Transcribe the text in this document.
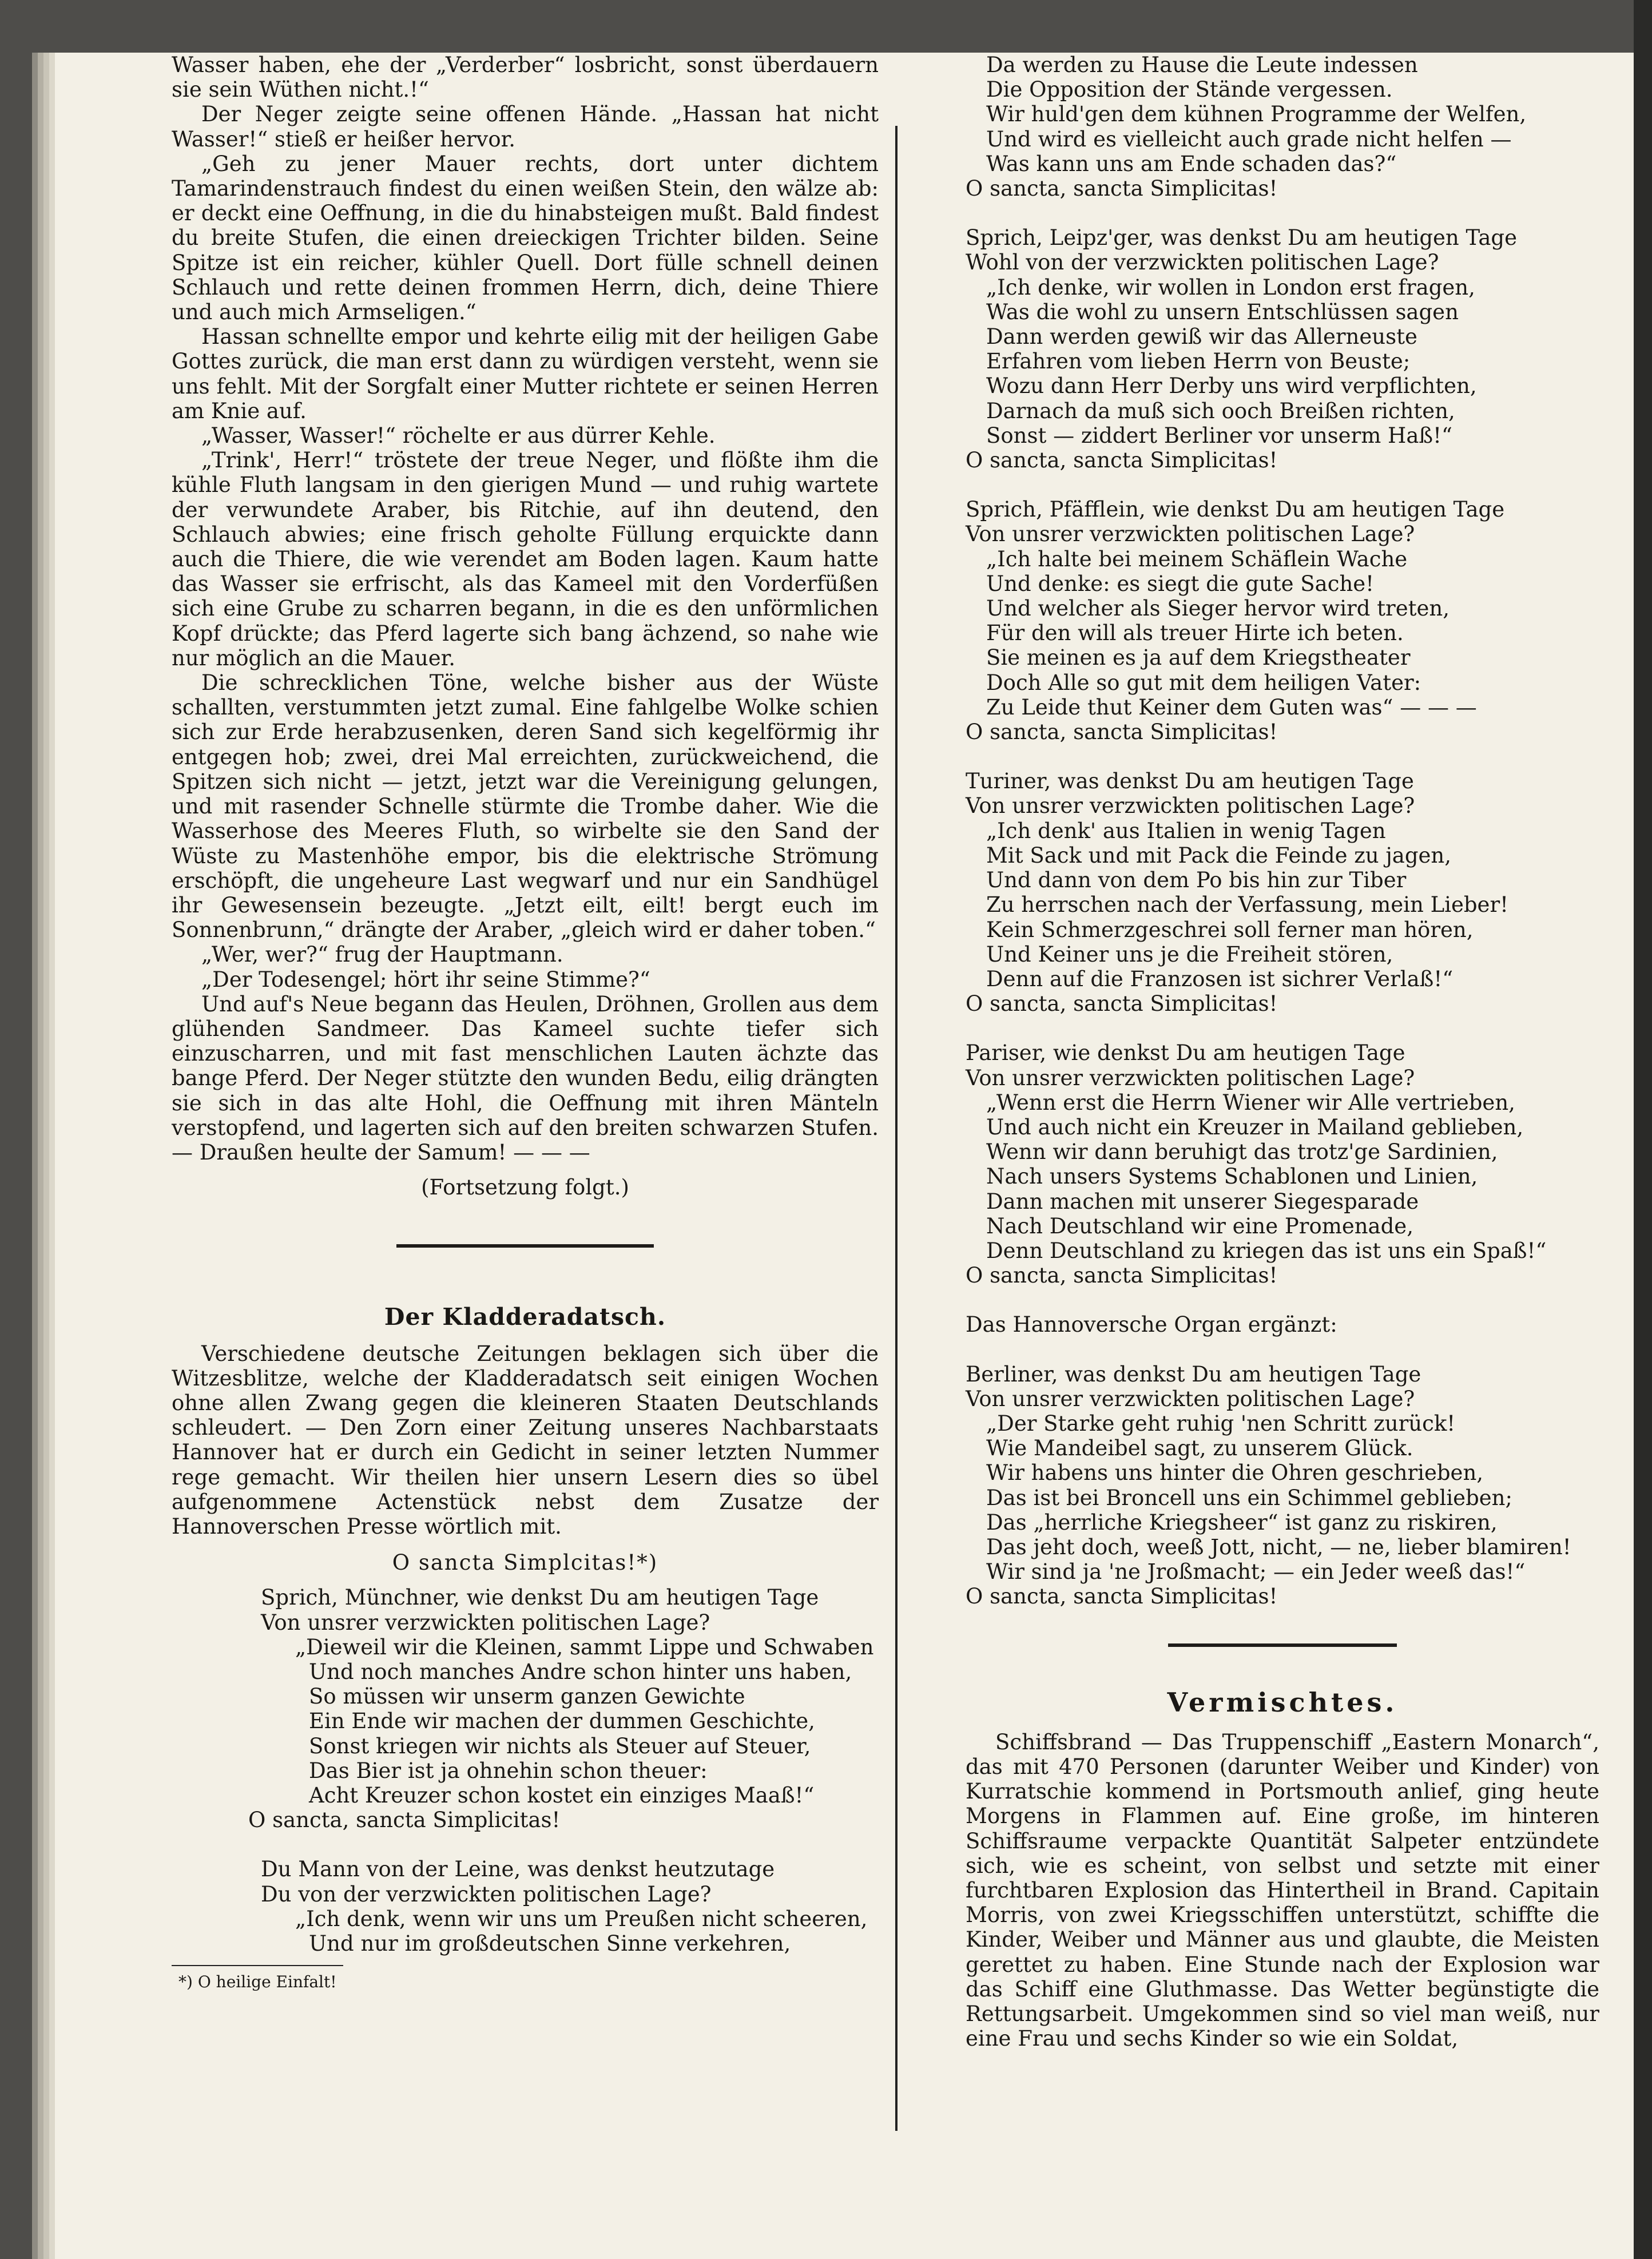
Wasser haben, ehe der „Verderber“ losbricht, sonst überdauern sie sein Wüthen nicht.!“

Der Neger zeigte seine offenen Hände. „Hassan hat nicht Wasser!“ stieß er heißer hervor.

„Geh zu jener Mauer rechts, dort unter dichtem Tamarindenstrauch findest du einen weißen Stein, den wälze ab: er deckt eine Oeffnung, in die du hinabsteigen mußt. Bald findest du breite Stufen, die einen dreieckigen Trichter bilden. Seine Spitze ist ein reicher, kühler Quell. Dort fülle schnell deinen Schlauch und rette deinen frommen Herrn, dich, deine Thiere und auch mich Armseligen.“

Hassan schnellte empor und kehrte eilig mit der heiligen Gabe Gottes zurück, die man erst dann zu würdigen versteht, wenn sie uns fehlt. Mit der Sorgfalt einer Mutter richtete er seinen Herren am Knie auf.

„Wasser, Wasser!“ röchelte er aus dürrer Kehle.

„Trink', Herr!“ tröstete der treue Neger, und flößte ihm die kühle Fluth langsam in den gierigen Mund — und ruhig wartete der verwundete Araber, bis Ritchie, auf ihn deutend, den Schlauch abwies; eine frisch geholte Füllung erquickte dann auch die Thiere, die wie verendet am Boden lagen. Kaum hatte das Wasser sie erfrischt, als das Kameel mit den Vorderfüßen sich eine Grube zu scharren begann, in die es den unförmlichen Kopf drückte; das Pferd lagerte sich bang ächzend, so nahe wie nur möglich an die Mauer.

Die schrecklichen Töne, welche bisher aus der Wüste schallten, verstummten jetzt zumal. Eine fahlgelbe Wolke schien sich zur Erde herabzusenken, deren Sand sich kegelförmig ihr entgegen hob; zwei, drei Mal erreichten, zurückweichend, die Spitzen sich nicht — jetzt, jetzt war die Vereinigung gelungen, und mit rasender Schnelle stürmte die Trombe daher. Wie die Wasserhose des Meeres Fluth, so wirbelte sie den Sand der Wüste zu Mastenhöhe empor, bis die elektrische Strömung erschöpft, die ungeheure Last wegwarf und nur ein Sandhügel ihr Gewesensein bezeugte. „Jetzt eilt, eilt! bergt euch im Sonnenbrunn,“ drängte der Araber, „gleich wird er daher toben.“

„Wer, wer?“ frug der Hauptmann.

„Der Todesengel; hört ihr seine Stimme?“

Und auf's Neue begann das Heulen, Dröhnen, Grollen aus dem glühenden Sandmeer. Das Kameel suchte tiefer sich einzuscharren, und mit fast menschlichen Lauten ächzte das bange Pferd. Der Neger stützte den wunden Bedu, eilig drängten sie sich in das alte Hohl, die Oeffnung mit ihren Mänteln verstopfend, und lagerten sich auf den breiten schwarzen Stufen. — Draußen heulte der Samum! — — —

(Fortsetzung folgt.)

Der Kladderadatsch.

Verschiedene deutsche Zeitungen beklagen sich über die Witzesblitze, welche der Kladderadatsch seit einigen Wochen ohne allen Zwang gegen die kleineren Staaten Deutschlands schleudert. — Den Zorn einer Zeitung unseres Nachbarstaats Hannover hat er durch ein Gedicht in seiner letzten Nummer rege gemacht. Wir theilen hier unsern Lesern dies so übel aufgenommene Actenstück nebst dem Zusatze der Hannoverschen Presse wörtlich mit.

O sancta Simplcitas!*)

Sprich, Münchner, wie denkst Du am heutigen Tage
Von unsrer verzwickten politischen Lage?
„Dieweil wir die Kleinen, sammt Lippe und Schwaben
Und noch manches Andre schon hinter uns haben,
So müssen wir unserm ganzen Gewichte
Ein Ende wir machen der dummen Geschichte,
Sonst kriegen wir nichts als Steuer auf Steuer,
Das Bier ist ja ohnehin schon theuer:
Acht Kreuzer schon kostet ein einziges Maaß!“
O sancta, sancta Simplicitas!
Du Mann von der Leine, was denkst heutzutage
Du von der verzwickten politischen Lage?
„Ich denk, wenn wir uns um Preußen nicht scheeren,
Und nur im großdeutschen Sinne verkehren,

*) O heilige Einfalt!

Da werden zu Hause die Leute indessen
Die Opposition der Stände vergessen.
Wir huld'gen dem kühnen Programme der Welfen,
Und wird es vielleicht auch grade nicht helfen —
Was kann uns am Ende schaden das?“
O sancta, sancta Simplicitas!
Sprich, Leipz'ger, was denkst Du am heutigen Tage
Wohl von der verzwickten politischen Lage?
„Ich denke, wir wollen in London erst fragen,
Was die wohl zu unsern Entschlüssen sagen
Dann werden gewiß wir das Allerneuste
Erfahren vom lieben Herrn von Beuste;
Wozu dann Herr Derby uns wird verpflichten,
Darnach da muß sich ooch Breißen richten,
Sonst — ziddert Berliner vor unserm Haß!“
O sancta, sancta Simplicitas!
Sprich, Pfäfflein, wie denkst Du am heutigen Tage
Von unsrer verzwickten politischen Lage?
„Ich halte bei meinem Schäflein Wache
Und denke: es siegt die gute Sache!
Und welcher als Sieger hervor wird treten,
Für den will als treuer Hirte ich beten.
Sie meinen es ja auf dem Kriegstheater
Doch Alle so gut mit dem heiligen Vater:
Zu Leide thut Keiner dem Guten was“ — — —
O sancta, sancta Simplicitas!
Turiner, was denkst Du am heutigen Tage
Von unsrer verzwickten politischen Lage?
„Ich denk' aus Italien in wenig Tagen
Mit Sack und mit Pack die Feinde zu jagen,
Und dann von dem Po bis hin zur Tiber
Zu herrschen nach der Verfassung, mein Lieber!
Kein Schmerzgeschrei soll ferner man hören,
Und Keiner uns je die Freiheit stören,
Denn auf die Franzosen ist sichrer Verlaß!“
O sancta, sancta Simplicitas!
Pariser, wie denkst Du am heutigen Tage
Von unsrer verzwickten politischen Lage?
„Wenn erst die Herrn Wiener wir Alle vertrieben,
Und auch nicht ein Kreuzer in Mailand geblieben,
Wenn wir dann beruhigt das trotz'ge Sardinien,
Nach unsers Systems Schablonen und Linien,
Dann machen mit unserer Siegesparade
Nach Deutschland wir eine Promenade,
Denn Deutschland zu kriegen das ist uns ein Spaß!“
O sancta, sancta Simplicitas!

Das Hannoversche Organ ergänzt:

Berliner, was denkst Du am heutigen Tage
Von unsrer verzwickten politischen Lage?
„Der Starke geht ruhig 'nen Schritt zurück!
Wie Mandeibel sagt, zu unserem Glück.
Wir habens uns hinter die Ohren geschrieben,
Das ist bei Broncell uns ein Schimmel geblieben;
Das „herrliche Kriegsheer“ ist ganz zu riskiren,
Das jeht doch, weeß Jott, nicht, — ne, lieber blamiren!
Wir sind ja 'ne Jroßmacht; — ein Jeder weeß das!“
O sancta, sancta Simplicitas!

Vermischtes.

Schiffsbrand — Das Truppenschiff „Eastern Monarch“, das mit 470 Personen (darunter Weiber und Kinder) von Kurratschie kommend in Portsmouth anlief, ging heute Morgens in Flammen auf. Eine große, im hinteren Schiffsraume verpackte Quantität Salpeter entzündete sich, wie es scheint, von selbst und setzte mit einer furchtbaren Explosion das Hintertheil in Brand. Capitain Morris, von zwei Kriegsschiffen unterstützt, schiffte die Kinder, Weiber und Männer aus und glaubte, die Meisten gerettet zu haben. Eine Stunde nach der Explosion war das Schiff eine Gluthmasse. Das Wetter begünstigte die Rettungsarbeit. Umgekommen sind so viel man weiß, nur eine Frau und sechs Kinder so wie ein Soldat,
